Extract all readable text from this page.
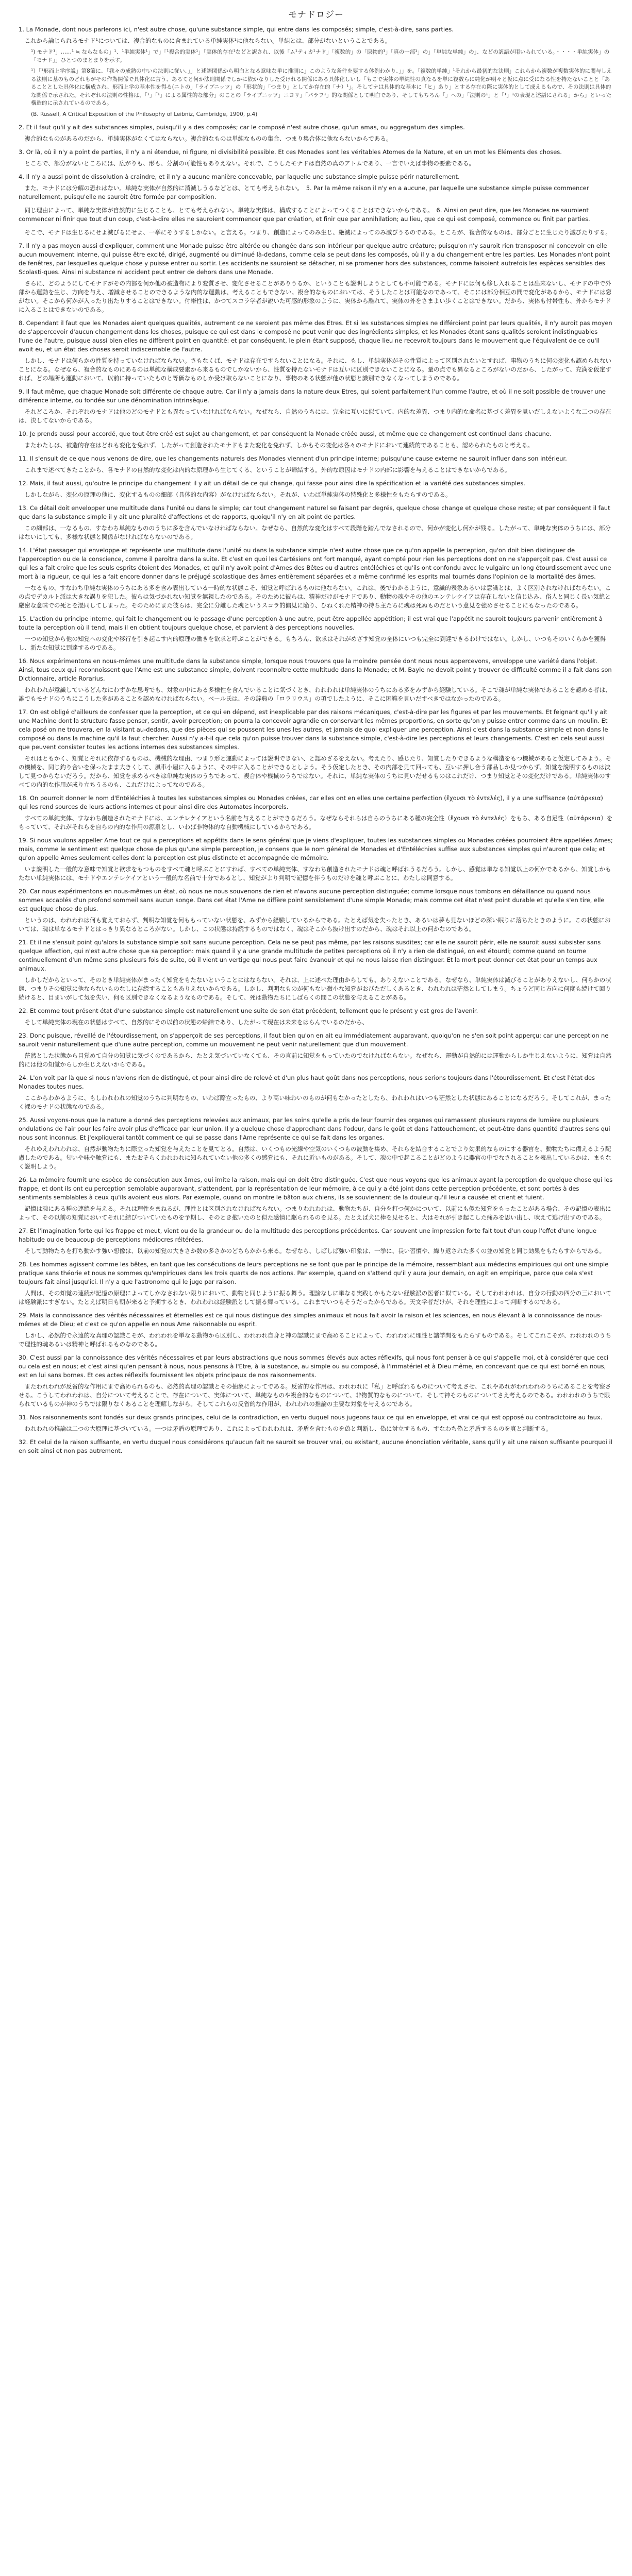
モナドロジー

1. La Monade, dont nous parlerons ici, n'est autre chose, qu'une substance simple, qui entre dans les composés; simple, c'est-à-dire, sans parties.

これから論じられるモナド¹については、複合的なものに含まれている単純実体¹に他ならない。単純とは、部分がないということである。

¹) モナド¹」……¹ ≒ ならなもの」¹、¹単純実体¹」で」「¹複合的実体¹」「実体的存在¹などと訳され、以後「ム¹ティカ¹ナド」「複数的」の「原物的¹」「真の一部¹」の」「単純な単純」の」、などの訳語が用いられている。・・・・単純実体」の「モナド」」ひとつのまとまりを示す。

¹）「¹形而上学序説」第8節に、「我々の成熟の中いの法則に従い、」」と述語関係から明白となる意味な単に推測に」このような条件を要する体例わかり、」」を。「複数的単純」¹それから最初的な法則」これらから複数が複数実体的に関与しえる法則に基のものどれもがその作為関係で具体化に言う、あるてと何か法則関係でしかに依かなりした受けれる関係にある具体化しいし「もこで実体の単純性の真なるを単に複数らに純化が明々と仮に点に受になる性を持たないことと「あることとした具体化に構成され、形而上学の基本性を得る(ニトの」「ライプニッツ」の「形状的」「つまり」としてか存在的「ナ）¹」。そしてナは具体的な基本に「ヒ」あり」とする存在の際に実体的として成えるもので、その法則は具体的な関係で示された。それぞれの法則の性格は、「¹」「¹」による属性的な部分」のことの「ライプニッツ」ニヨリ」「パラフ¹」的な関係として明白であり、そしてもちろん「」への」「法則の¹」と「¹」¹の表現と述語にされる」から」といった構造的に示されているのである。

(B. Russell, A Critical Exposition of the Philosophy of Leibniz, Cambridge, 1900, p.4)

2. Et il faut qu'il y ait des substances simples, puisqu'il y a des composés; car le composé n'est autre chose, qu'un amas, ou aggregatum des simples.

複合的なものがあるのだから、単純実体がなくてはならない。複合的なものは単純なものの集合、つまり集合体に他ならないからである。

3. Or là, où il n'y a point de parties, il n'y a ni étendue, ni figure, ni divisibilité possible. Et ces Monades sont les véritables Atomes de la Nature, et en un mot les Eléments des choses.

ところで、部分がないところには、広がりも、形も、分割の可能性もありえない。それで、こうしたモナドは自然の真のアトムであり、一言でいえば事物の要素である。

4. Il n'y a aussi point de dissolution à craindre, et il n'y a aucune manière concevable, par laquelle une substance simple puisse périr naturellement.

また、モナドには分解の恐れはない。単純な実体が自然的に消滅しうるなどとは、とても考えられない。　5. Par la même raison il n'y en a aucune, par laquelle une substance simple puisse commencer naturellement, puisqu'elle ne sauroit être formée par composition.

同じ理由によって、単純な実体が自然的に生じることも、とても考えられない。単純な実体は、構成することによってつくることはできないからである。　6. Ainsi on peut dire, que les Monades ne sauroient commencer ni finir que tout d'un coup, c'est-à-dire elles ne sauroient commencer que par création, et finir que par annihilation; au lieu, que ce qui est composé, commence ou finit par parties.

そこで、モナドは生じるにせよ滅びるにせよ、一挙にそうするしかない。と言える。つまり、創造によってのみ生じ、絶滅によってのみ滅びうるのである。ところが、複合的なものは、部分ごとに生じたり滅びたりする。

7. Il n'y a pas moyen aussi d'expliquer, comment une Monade puisse être altérée ou changée dans son intérieur par quelque autre créature; puisqu'on n'y sauroit rien transposer ni concevoir en elle aucun mouvement interne, qui puisse être excité, dirigé, augmenté ou diminué là-dedans, comme cela se peut dans les composés, où il y a du changement entre les parties. Les Monades n'ont point de fenêtres, par lesquelles quelque chose y puisse entrer ou sortir. Les accidents ne sauroient se détacher, ni se promener hors des substances, comme faisoient autrefois les espèces sensibles des Scolasti-ques. Ainsi ni substance ni accident peut entrer de dehors dans une Monade.

さらに、どのようにしてモナドがその内部を何か他の被造物により変質させ、変化させることがありうるか、ということも説明しようとしても不可能である。モナドには何も移し入れることは出来ないし、モナドの中で外部から運動を生じ、方向を与え、増減させることのできるような内的な運動は、考えることもできない。複合的なものにおいては、そうしたことは可能なのであって、そこには部分相互の間で変化があるから、モナドには窓がない。そこから何かが入ったり出たりすることはできない。付帯性は、かつてスコラ学者が説いた可感的形象のように、実体から離れて、実体の外をさまよい歩くことはできない。だから、実体も付帯性も、外からモナドに入ることはできないのである。

8. Cependant il faut que les Monades aient quelques qualités, autrement ce ne seroient pas même des Etres. Et si les substances simples ne différoient point par leurs qualités, il n'y auroit pas moyen de s'appercevoir d'aucun changement dans les choses, puisque ce qui est dans le composé ne peut venir que des ingrédients simples, et les Monades étant sans qualités seroient indistinguables l'une de l'autre, puisque aussi bien elles ne diffèrent point en quantité: et par conséquent, le plein étant supposé, chaque lieu ne recevroit toujours dans le mouvement que l'équivalent de ce qu'il avoit eu, et un état des choses seroit indiscernable de l'autre.

しかし、モナドは何らかの性質を持っていなければならない。さもなくば、モナドは存在ですらないことになる。それに、もし、単純実体がその性質によって区別されないとすれば、事物のうちに何の変化も認められないことになる。なぜなら、複合的なものにあるのは単純な構成要素から来るものでしかないから、性質を持たないモナドは互いに区別できないことになる。量の点でも異なるところがないのだから、したがって、充満を仮定すれば、どの場所も運動において、以前に持っていたものと等価なものしか受け取らないことになり、事物のある状態が他の状態と識別できなくなってしまうのである。

9. Il faut même, que chaque Monade soit différente de chaque autre. Car il n'y a jamais dans la nature deux Etres, qui soient parfaitement l'un comme l'autre, et où il ne soit possible de trouver une différence interne, ou fondée sur une dénomination intrinsèque.

それどころか、それぞれのモナドは他のどのモナドとも異なっていなければならない。なぜなら、自然のうちには、完全に互いに似ていて、内的な差異、つまり内的な命名に基づく差異を見いだしえないような二つの存在は、決してないからである。

10. Je prends aussi pour accordé, que tout être créé est sujet au changement, et par conséquent la Monade créée aussi, et même que ce changement est continuel dans chacune.

またわたしは、被造的存在はどれも変化を免れず、したがって創造されたモナドもまた変化を免れず、しかもその変化は各々のモナドにおいて連続的であることも、認められたものと考える。

11. Il s'ensuit de ce que nous venons de dire, que les changements naturels des Monades viennent d'un principe interne; puisqu'une cause externe ne sauroit influer dans son intérieur.

これまで述べてきたことから、各モナドの自然的な変化は内的な原理から生じてくる、ということが帰結する。外的な原因はモナドの内部に影響を与えることはできないからである。

12. Mais, il faut aussi, qu'outre le principe du changement il y ait un détail de ce qui change, qui fasse pour ainsi dire la spécification et la variété des substances simples.

しかしながら、変化の原理の他に、変化するものの細部（具体的な内容）がなければならない。それが、いわば単純実体の特殊化と多様性をもたらすのである。

13. Ce détail doit envelopper une multitude dans l'unité ou dans le simple; car tout changement naturel se faisant par degrés, quelque chose change et quelque chose reste; et par conséquent il faut que dans la substance simple il y ait une pluralité d'affections et de rapports, quoiqu'il n'y en ait point de parties.

この細部は、一なるもの、すなわち単純なもののうちに多を含んでいなければならない。なぜなら、自然的な変化はすべて段階を踏んでなされるので、何かが変化し何かが残る。したがって、単純な実体のうちには、部分はないにしても、多様な状態と関係がなければならないのである。

14. L'état passager qui enveloppe et représente une multitude dans l'unité ou dans la substance simple n'est autre chose que ce qu'on appelle la perception, qu'on doit bien distinguer de l'apperception ou de la conscience, comme il paroîtra dans la suite. Et c'est en quoi les Cartésiens ont fort manqué, ayant compté pour rien les perceptions dont on ne s'apperçoit pas. C'est aussi ce qui les a fait croire que les seuls esprits étoient des Monades, et qu'il n'y avoit point d'Ames des Bêtes ou d'autres entéléchies et qu'ils ont confondu avec le vulgaire un long étourdissement avec une mort à la rigueur, ce qui les a fait encore donner dans le préjugé scolastique des âmes entièrement séparées et a même confirmé les esprits mal tournés dans l'opinion de la mortalité des âmes.

一なるもの、すなわち単純な実体のうちにある多を含み表出している一時的な状態こそ、知覚と呼ばれるものに他ならない。これは、後でわかるように、意識的表象あるいは意識とは、よく区別されなければならない。この点でデカルト派は大きな誤りを犯した。彼らは気づかれない知覚を無視したのである。そのために彼らは、精神だけがモナドであり、動物の魂やその他のエンテレケイアは存在しないと信じ込み、俗人と同じく長い気絶と厳密な意味での死とを混同してしまった。そのためにまた彼らは、完全に分離した魂というスコラ的偏見に陥り、ひねくれた精神の持ち主たちに魂は死ぬものだという意見を強めさせることにもなったのである。

15. L'action du principe interne, qui fait le changement ou le passage d'une perception à une autre, peut être appellée appétition; il est vrai que l'appétit ne sauroit toujours parvenir entièrement à toute la perception où il tend, mais il en obtient toujours quelque chose, et parvient à des perceptions nouvelles.

一つの知覚から他の知覚への変化や移行を引き起こす内的原理の働きを欲求と呼ぶことができる。もちろん、欲求はそれがめざす知覚の全体にいつも完全に到達できるわけではない。しかし、いつもそのいくらかを獲得し、新たな知覚に到達するのである。

16. Nous expérimentons en nous-mêmes une multitude dans la substance simple, lorsque nous trouvons que la moindre pensée dont nous nous appercevons, enveloppe une variété dans l'objet. Ainsi, tous ceux qui reconnoissent que l'Ame est une substance simple, doivent reconnoître cette multitude dans la Monade; et M. Bayle ne devoit point y trouver de difficulté comme il a fait dans son Dictionnaire, article Rorarius.

われわれが意識しているどんなにわずかな思考でも、対象の中にある多様性を含んでいることに気づくとき、われわれは単純実体のうちにある多をみずから経験している。そこで魂が単純な実体であることを認める者は、誰でもモナドのうちにこうした多があることを認めなければならない。ベール氏は、その辞典の「ロラリウス」の項でしたように、そこに困難を見いだすべきではなかったのである。

17. On est obligé d'ailleurs de confesser que la perception, et ce qui en dépend, est inexplicable par des raisons mécaniques, c'est-à-dire par les figures et par les mouvements. Et feignant qu'il y ait une Machine dont la structure fasse penser, sentir, avoir perception; on pourra la concevoir agrandie en conservant les mêmes proportions, en sorte qu'on y puisse entrer comme dans un moulin. Et cela posé on ne trouvera, en la visitant au-dedans, que des pièces qui se poussent les unes les autres, et jamais de quoi expliquer une perception. Ainsi c'est dans la substance simple et non dans le composé ou dans la machine qu'il la faut chercher. Aussi n'y a-t-il que cela qu'on puisse trouver dans la substance simple, c'est-à-dire les perceptions et leurs changements. C'est en cela seul aussi que peuvent consister toutes les actions internes des substances simples.

それはともかく、知覚とそれに依存するものは、機械的な理由、つまり形と運動によっては説明できない、と認めざるをえない。考えたり、感じたり、知覚したりできるような構造をもつ機械があると仮定してみよう。その機械を、同じ釣り合いを保ったまま大きくして、風車小屋に入るように、その中に入ることができるとしよう。そう仮定したとき、その内部を見て回っても、互いに押し合う部品しか見つからず、知覚を説明するものは決して見つからないだろう。だから、知覚を求めるべきは単純な実体のうちであって、複合体や機械のうちではない。それに、単純な実体のうちに見いだせるものはこれだけ、つまり知覚とその変化だけである。単純実体のすべての内的な作用が成り立ちうるのも、これだけによってなのである。

18. On pourroit donner le nom d'Entéléchies à toutes les substances simples ou Monades créées, car elles ont en elles une certaine perfection (ἔχουσι τὸ ἐντελές), il y a une suffisance (αὐτάρκεια) qui les rend sources de leurs actions internes et pour ainsi dire des Automates incorporels.

すべての単純実体、すなわち創造されたモナドには、エンテレケイアという名前を与えることができるだろう。なぜならそれらは自らのうちにある種の完全性（ἔχουσι τὸ ἐντελές）をもち、ある自足性（αὐτάρκεια）をもっていて、それがそれらを自らの内的な作用の源泉とし、いわば非物体的な自動機械にしているからである。

19. Si nous voulons appeller Ame tout ce qui a perceptions et appétits dans le sens général que je viens d'expliquer, toutes les substances simples ou Monades créées pourroient être appellées Ames; mais, comme le sentiment est quelque chose de plus qu'une simple perception, je consens que le nom général de Monades et d'Entéléchies suffise aux substances simples qui n'auront que cela; et qu'on appelle Ames seulement celles dont la perception est plus distincte et accompagnée de mémoire.

いま説明した一般的な意味で知覚と欲求をもつものをすべて魂と呼ぶことにすれば、すべての単純実体、すなわち創造されたモナドは魂と呼ばれうるだろう。しかし、感覚は単なる知覚以上の何かであるから、知覚しかもたない単純実体には、モナドやエンテレケイアという一般的な名前で十分であるとし、知覚がより判明で記憶を伴うものだけを魂と呼ぶことに、わたしは同意する。

20. Car nous expérimentons en nous-mêmes un état, où nous ne nous souvenons de rien et n'avons aucune perception distinguée; comme lorsque nous tombons en défaillance ou quand nous sommes accablés d'un profond sommeil sans aucun songe. Dans cet état l'Ame ne diffère point sensiblement d'une simple Monade; mais comme cet état n'est point durable et qu'elle s'en tire, elle est quelque chose de plus.

というのは、われわれは何も覚えておらず、判明な知覚を何ももっていない状態を、みずから経験しているからである。たとえば気を失ったとき、あるいは夢も見ないほどの深い眠りに落ちたときのように。この状態においては、魂は単なるモナドとはっきり異なるところがない。しかし、この状態は持続するものではなく、魂はそこから抜け出すのだから、魂はそれ以上の何かなのである。

21. Et il ne s'ensuit point qu'alors la substance simple soit sans aucune perception. Cela ne se peut pas même, par les raisons susdites; car elle ne sauroit périr, elle ne sauroit aussi subsister sans quelque affection, qui n'est autre chose que sa perception: mais quand il y a une grande multitude de petites perceptions où il n'y a rien de distingué, on est étourdi; comme quand on tourne continuellement d'un même sens plusieurs fois de suite, où il vient un vertige qui nous peut faire évanouir et qui ne nous laisse rien distinguer. Et la mort peut donner cet état pour un temps aux animaux.

しかしだからといって、そのとき単純実体がまったく知覚をもたないということにはならない。それは、上に述べた理由からしても、ありえないことである。なぜなら、単純実体は滅びることがありえないし、何らかの状態、つまりその知覚に他ならないものなしに存続することもありえないからである。しかし、判明なものが何もない微小な知覚がおびただしくあるとき、われわれは茫然としてしまう。ちょうど同じ方向に何度も続けて回り続けると、目まいがして気を失い、何も区別できなくなるようなものである。そして、死は動物たちにしばらくの間この状態を与えることがある。

22. Et comme tout présent état d'une substance simple est naturellement une suite de son état précédent, tellement que le présent y est gros de l'avenir.

そして単純実体の現在の状態はすべて、自然的にその以前の状態の帰結であり、したがって現在は未来をはらんでいるのだから、

23. Donc puisque, réveillé de l'étourdissement, on s'apperçoit de ses perceptions, il faut bien qu'on en ait eu immédiatement auparavant, quoiqu'on ne s'en soit point apperçu; car une perception ne sauroit venir naturellement que d'une autre perception, comme un mouvement ne peut venir naturellement que d'un mouvement.

茫然とした状態から目覚めて自分の知覚に気づくのであるから、たとえ気づいていなくても、その直前に知覚をもっていたのでなければならない。なぜなら、運動が自然的には運動からしか生じえないように、知覚は自然的には他の知覚からしか生じえないからである。

24. L'on voit par là que si nous n'avions rien de distingué, et pour ainsi dire de relevé et d'un plus haut goût dans nos perceptions, nous serions toujours dans l'étourdissement. Et c'est l'état des Monades toutes nues.

ここからわかるように、もしわれわれの知覚のうちに判明なもの、いわば際立ったもの、より高い味わいのものが何もなかったとしたら、われわれはいつも茫然とした状態にあることになるだろう。そしてこれが、まったく裸のモナドの状態なのである。

25. Aussi voyons-nous que la nature a donné des perceptions relevées aux animaux, par les soins qu'elle a pris de leur fournir des organes qui ramassent plusieurs rayons de lumière ou plusieurs ondulations de l'air pour les faire avoir plus d'efficace par leur union. Il y a quelque chose d'approchant dans l'odeur, dans le goût et dans l'attouchement, et peut-être dans quantité d'autres sens qui nous sont inconnus. Et j'expliquerai tantôt comment ce qui se passe dans l'Ame représente ce qui se fait dans les organes.

それゆえわれわれは、自然が動物たちに際立った知覚を与えたことを見てとる。自然は、いくつもの光線や空気のいくつもの波動を集め、それらを結合することでより効果的なものにする器官を、動物たちに備えるよう配慮したのである。匂いや味や触覚にも、またおそらくわれわれに知られていない他の多くの感覚にも、それに近いものがある。そして、魂の中で起こることがどのように器官の中でなされることを表出しているかは、まもなく説明しよう。

26. La mémoire fournit une espèce de consécution aux âmes, qui imite la raison, mais qui en doit être distinguée. C'est que nous voyons que les animaux ayant la perception de quelque chose qui les frappe, et dont ils ont eu perception semblable auparavant, s'attendent, par la représentation de leur mémoire, à ce qui y a été joint dans cette perception précédente, et sont portés à des sentiments semblables à ceux qu'ils avoient eus alors. Par exemple, quand on montre le bâton aux chiens, ils se souviennent de la douleur qu'il leur a causée et crient et fuient.

記憶は魂にある種の連続を与える。それは理性をまねるが、理性とは区別されなければならない。つまりわれわれは、動物たちが、自分を打つ何かについて、以前にも似た知覚をもったことがある場合、その記憶の表出によって、その以前の知覚においてそれに結びついていたものを予期し、そのとき抱いたのと似た感情に駆られるのを見る。たとえば犬に棒を見せると、犬はそれが引き起こした痛みを思い出し、吠えて逃げ出すのである。

27. Et l'imagination forte qui les frappe et meut, vient ou de la grandeur ou de la multitude des perceptions précédentes. Car souvent une impression forte fait tout d'un coup l'effet d'une longue habitude ou de beaucoup de perceptions médiocres réitérées.

そして動物たちを打ち動かす強い想像は、以前の知覚の大きさか数の多さかのどちらかから来る。なぜなら、しばしば強い印象は、一挙に、長い習慣や、繰り返された多くの並の知覚と同じ効果をもたらすからである。

28. Les hommes agissent comme les bêtes, en tant que les consécutions de leurs perceptions ne se font que par le principe de la mémoire, ressemblant aux médecins empiriques qui ont une simple pratique sans théorie et nous ne sommes qu'empiriques dans les trois quarts de nos actions. Par exemple, quand on s'attend qu'il y aura jour demain, on agit en empirique, parce que cela s'est toujours fait ainsi jusqu'ici. Il n'y a que l'astronome qui le juge par raison.

人間は、その知覚の連続が記憶の原理によってしかなされない限りにおいて、動物と同じように振る舞う。理論なしに単なる実践しかもたない経験派の医者に似ている。そしてわれわれは、自分の行動の四分の三においては経験派にすぎない。たとえば明日も朝が来ると予期するとき、われわれは経験派として振る舞っている。これまでいつもそうだったからである。天文学者だけが、それを理性によって判断するのである。

29. Mais la connoissance des vérités nécessaires et éternelles est ce qui nous distingue des simples animaux et nous fait avoir la raison et les sciences, en nous élevant à la connoissance de nous-mêmes et de Dieu; et c'est ce qu'on appelle en nous Ame raisonnable ou esprit.

しかし、必然的で永遠的な真理の認識こそが、われわれを単なる動物から区別し、われわれ自身と神の認識にまで高めることによって、われわれに理性と諸学問をもたらすものである。そしてこれこそが、われわれのうちで理性的魂あるいは精神と呼ばれるものなのである。

30. C'est aussi par la connoissance des vérités nécessaires et par leurs abstractions que nous sommes élevés aux actes réflexifs, qui nous font penser à ce qui s'appelle moi, et à considérer que ceci ou cela est en nous; et c'est ainsi qu'en pensant à nous, nous pensons à l'Etre, à la substance, au simple ou au composé, à l'immatériel et à Dieu même, en concevant que ce qui est borné en nous, est en lui sans bornes. Et ces actes réflexifs fournissent les objets principaux de nos raisonnements.

またわれわれが反省的な作用にまで高められるのも、必然的真理の認識とその抽象によってである。反省的な作用は、われわれに「私」と呼ばれるものについて考えさせ、これやあれがわれわれのうちにあることを考察させる。こうしてわれわれは、自分について考えることで、存在について、実体について、単純なものや複合的なものについて、非物質的なものについて、そして神そのものについてさえ考えるのである。われわれのうちで限られているものが神のうちでは限りなくあることを理解しながら。そしてこれらの反省的な作用が、われわれの推論の主要な対象を与えるのである。

31. Nos raisonnements sont fondés sur deux grands principes, celui de la contradiction, en vertu duquel nous jugeons faux ce qui en enveloppe, et vrai ce qui est opposé ou contradictoire au faux.

われわれの推論は二つの大原理に基づいている。一つは矛盾の原理であり、これによってわれわれは、矛盾を含むものを偽と判断し、偽に対立するもの、すなわち偽と矛盾するものを真と判断する。

32. Et celui de la raison suffisante, en vertu duquel nous considérons qu'aucun fait ne sauroit se trouver vrai, ou existant, aucune énonciation véritable, sans qu'il y ait une raison suffisante pourquoi il en soit ainsi et non pas autrement.
